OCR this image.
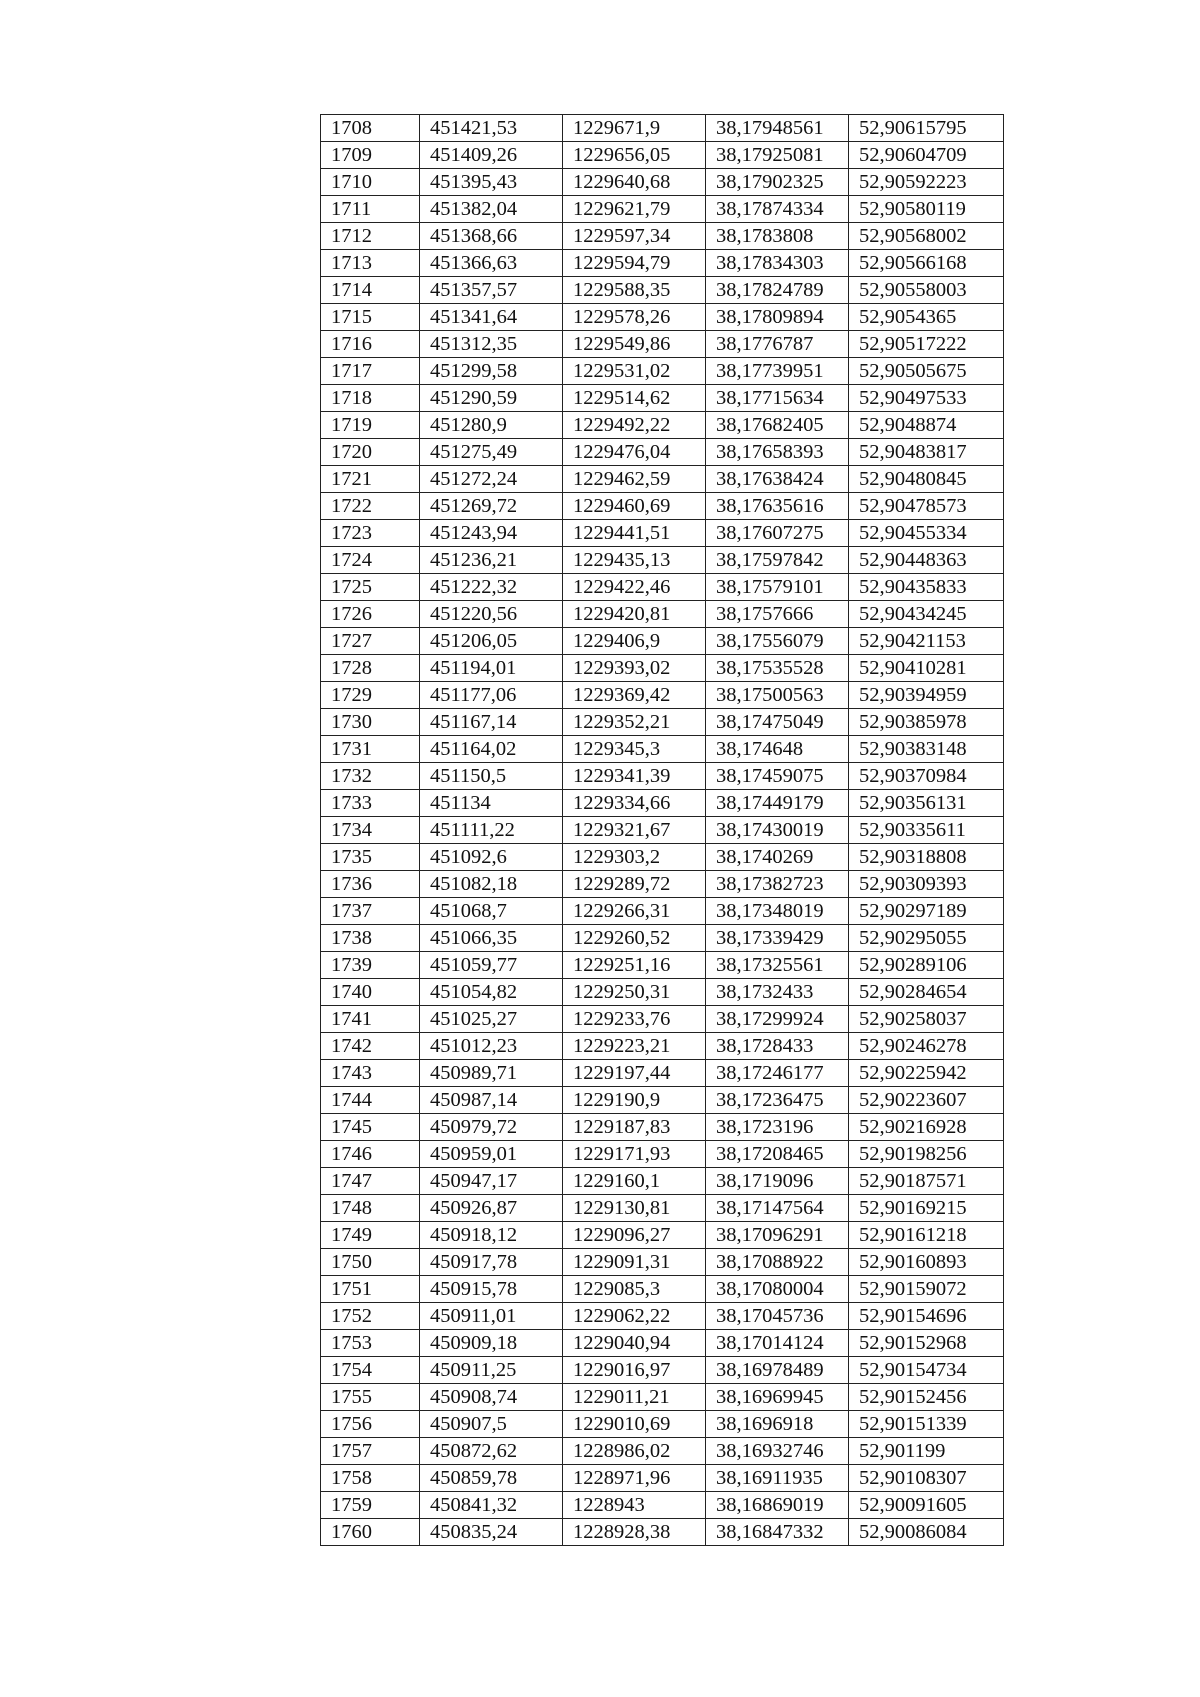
1708	451421,53	1229671,9	38,17948561	52,90615795
1709	451409,26	1229656,05	38,17925081	52,90604709
1710	451395,43	1229640,68	38,17902325	52,90592223
1711	451382,04	1229621,79	38,17874334	52,90580119
1712	451368,66	1229597,34	38,1783808	52,90568002
1713	451366,63	1229594,79	38,17834303	52,90566168
1714	451357,57	1229588,35	38,17824789	52,90558003
1715	451341,64	1229578,26	38,17809894	52,9054365
1716	451312,35	1229549,86	38,1776787	52,90517222
1717	451299,58	1229531,02	38,17739951	52,90505675
1718	451290,59	1229514,62	38,17715634	52,90497533
1719	451280,9	1229492,22	38,17682405	52,9048874
1720	451275,49	1229476,04	38,17658393	52,90483817
1721	451272,24	1229462,59	38,17638424	52,90480845
1722	451269,72	1229460,69	38,17635616	52,90478573
1723	451243,94	1229441,51	38,17607275	52,90455334
1724	451236,21	1229435,13	38,17597842	52,90448363
1725	451222,32	1229422,46	38,17579101	52,90435833
1726	451220,56	1229420,81	38,1757666	52,90434245
1727	451206,05	1229406,9	38,17556079	52,90421153
1728	451194,01	1229393,02	38,17535528	52,90410281
1729	451177,06	1229369,42	38,17500563	52,90394959
1730	451167,14	1229352,21	38,17475049	52,90385978
1731	451164,02	1229345,3	38,174648	52,90383148
1732	451150,5	1229341,39	38,17459075	52,90370984
1733	451134	1229334,66	38,17449179	52,90356131
1734	451111,22	1229321,67	38,17430019	52,90335611
1735	451092,6	1229303,2	38,1740269	52,90318808
1736	451082,18	1229289,72	38,17382723	52,90309393
1737	451068,7	1229266,31	38,17348019	52,90297189
1738	451066,35	1229260,52	38,17339429	52,90295055
1739	451059,77	1229251,16	38,17325561	52,90289106
1740	451054,82	1229250,31	38,1732433	52,90284654
1741	451025,27	1229233,76	38,17299924	52,90258037
1742	451012,23	1229223,21	38,1728433	52,90246278
1743	450989,71	1229197,44	38,17246177	52,90225942
1744	450987,14	1229190,9	38,17236475	52,90223607
1745	450979,72	1229187,83	38,1723196	52,90216928
1746	450959,01	1229171,93	38,17208465	52,90198256
1747	450947,17	1229160,1	38,1719096	52,90187571
1748	450926,87	1229130,81	38,17147564	52,90169215
1749	450918,12	1229096,27	38,17096291	52,90161218
1750	450917,78	1229091,31	38,17088922	52,90160893
1751	450915,78	1229085,3	38,17080004	52,90159072
1752	450911,01	1229062,22	38,17045736	52,90154696
1753	450909,18	1229040,94	38,17014124	52,90152968
1754	450911,25	1229016,97	38,16978489	52,90154734
1755	450908,74	1229011,21	38,16969945	52,90152456
1756	450907,5	1229010,69	38,1696918	52,90151339
1757	450872,62	1228986,02	38,16932746	52,901199
1758	450859,78	1228971,96	38,16911935	52,90108307
1759	450841,32	1228943	38,16869019	52,90091605
1760	450835,24	1228928,38	38,16847332	52,90086084
